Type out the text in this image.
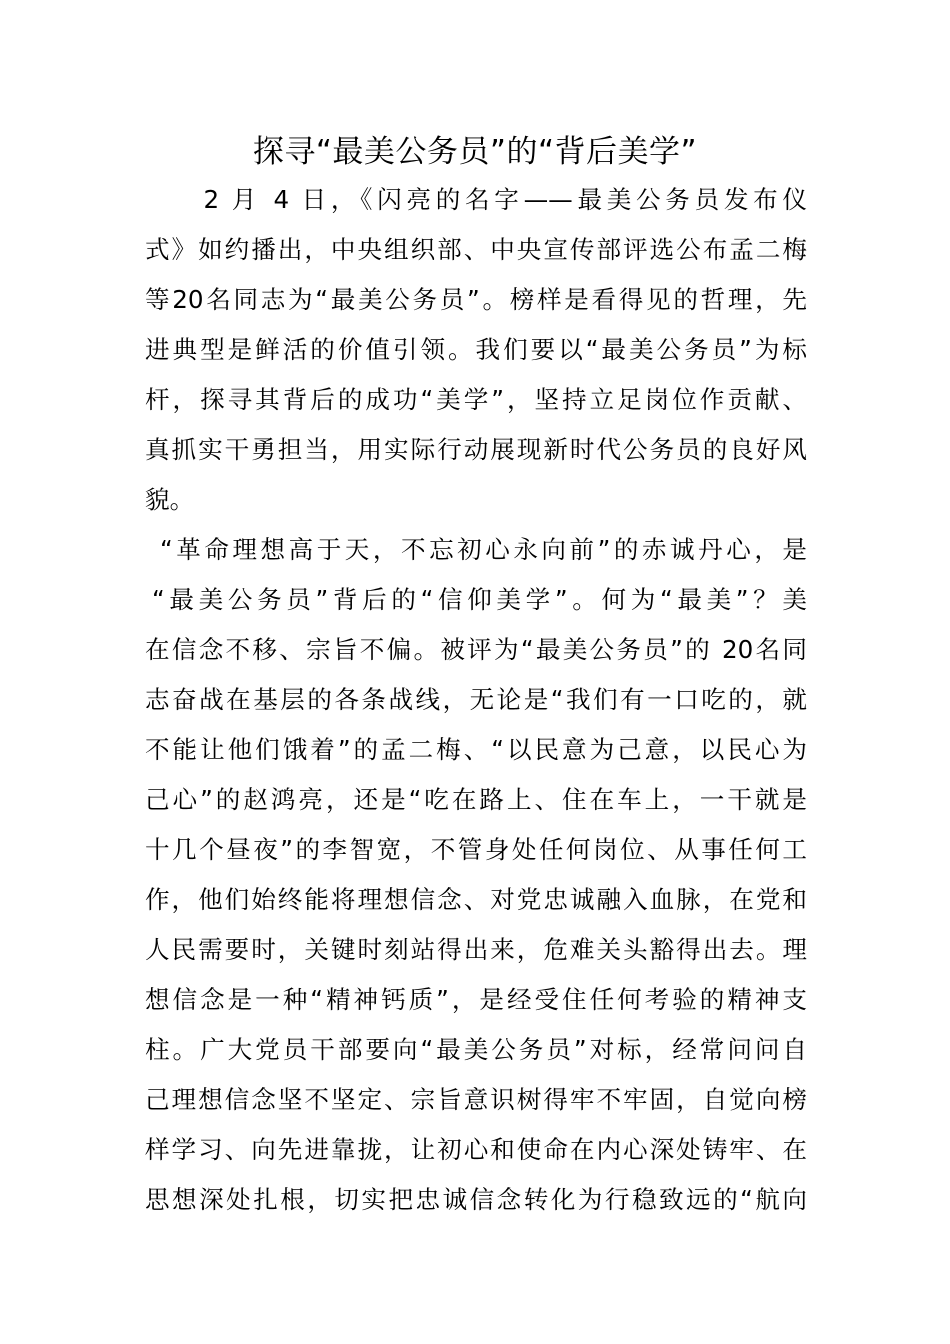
探寻“最美公务员”的“背后美学”
　　2 月 4 日，《闪亮的名字——最美公务员发布仪
式》如约播出，中央组织部、中央宣传部评选公布孟二梅
等20名同志为“最美公务员”。榜样是看得见的哲理，先
进典型是鲜活的价值引领。我们要以“最美公务员”为标
杆，探寻其背后的成功“美学”，坚持立足岗位作贡献、
真抓实干勇担当，用实际行动展现新时代公务员的良好风
貌。
“革命理想高于天，不忘初心永向前”的赤诚丹心，是
“最美公务员”背后的“信仰美学”。何为“最美”？美
在信念不移、宗旨不偏。被评为“最美公务员”的 20名同
志奋战在基层的各条战线，无论是“我们有一口吃的，就
不能让他们饿着”的孟二梅、“以民意为己意，以民心为
己心”的赵鸿亮，还是“吃在路上、住在车上，一干就是
十几个昼夜”的李智宽，不管身处任何岗位、从事任何工
作，他们始终能将理想信念、对党忠诚融入血脉，在党和
人民需要时，关键时刻站得出来，危难关头豁得出去。理
想信念是一种“精神钙质”，是经受住任何考验的精神支
柱。广大党员干部要向“最美公务员”对标，经常问问自
己理想信念坚不坚定、宗旨意识树得牢不牢固，自觉向榜
样学习、向先进靠拢，让初心和使命在内心深处铸牢、在
思想深处扎根，切实把忠诚信念转化为行稳致远的“航向
